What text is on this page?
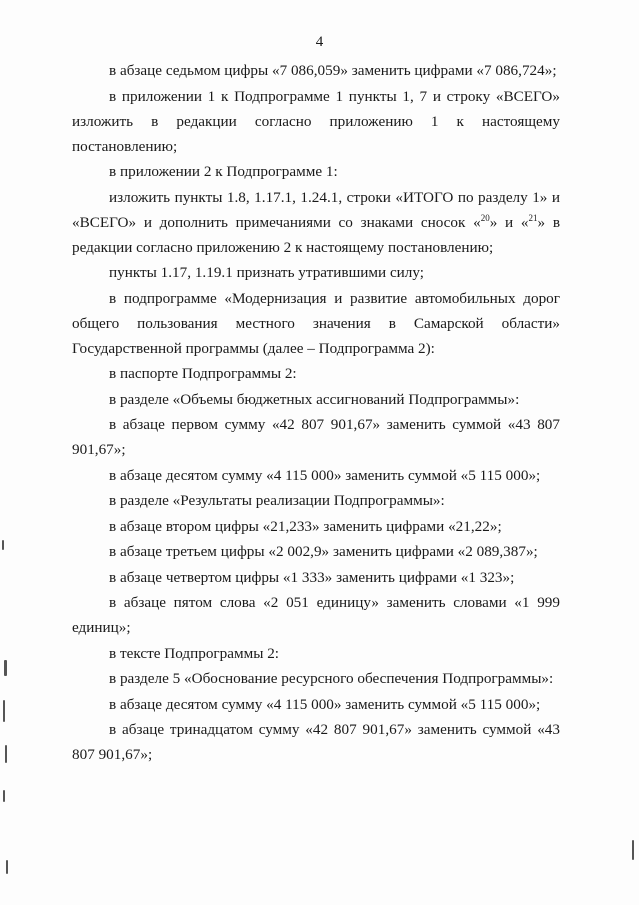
4

в абзаце седьмом цифры «7 086,059» заменить цифрами «7 086,724»;

в приложении 1 к Подпрограмме 1 пункты 1, 7 и строку «ВСЕГО» изложить в редакции согласно приложению 1 к настоящему постановлению;

в приложении 2 к Подпрограмме 1:

изложить пункты 1.8, 1.17.1, 1.24.1, строки «ИТОГО по разделу 1» и «ВСЕГО» и дополнить примечаниями со знаками сносок «$^{20}$» и «$^{21}$» в редакции согласно приложению 2 к настоящему постановлению;

пункты 1.17, 1.19.1 признать утратившими силу;

в подпрограмме «Модернизация и развитие автомобильных дорог общего пользования местного значения в Самарской области» Государственной программы (далее – Подпрограмма 2):

в паспорте Подпрограммы 2:

в разделе «Объемы бюджетных ассигнований Подпрограммы»:

в абзаце первом сумму «42 807 901,67» заменить суммой «43 807 901,67»;

в абзаце десятом сумму «4 115 000» заменить суммой «5 115 000»;

в разделе «Результаты реализации Подпрограммы»:

в абзаце втором цифры «21,233» заменить цифрами «21,22»;

в абзаце третьем цифры «2 002,9» заменить цифрами «2 089,387»;

в абзаце четвертом цифры «1 333» заменить цифрами «1 323»;

в абзаце пятом слова «2 051 единицу» заменить словами «1 999 единиц»;

в тексте Подпрограммы 2:

в разделе 5 «Обоснование ресурсного обеспечения Подпрограммы»:

в абзаце десятом сумму «4 115 000» заменить суммой «5 115 000»;

в абзаце тринадцатом сумму «42 807 901,67» заменить суммой «43 807 901,67»;
